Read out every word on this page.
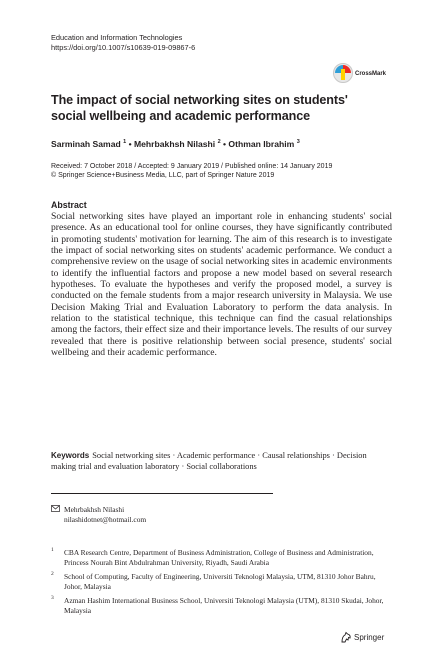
Education and Information Technologies
https://doi.org/10.1007/s10639-019-09867-6
CrossMark
The impact of social networking sites on students' social wellbeing and academic performance
Sarminah Samad $^1$ • Mehrbakhsh Nilashi $^2$ • Othman Ibrahim $^3$
Received: 7 October 2018 / Accepted: 9 January 2019 / Published online: 14 January 2019
© Springer Science+Business Media, LLC, part of Springer Nature 2019
Abstract
Social networking sites have played an important role in enhancing students' social presence. As an educational tool for online courses, they have significantly contributed in promoting students' motivation for learning. The aim of this research is to investigate the impact of social networking sites on students' academic performance. We conduct a comprehensive review on the usage of social networking sites in academic environments to identify the influential factors and propose a new model based on several research hypotheses. To evaluate the hypotheses and verify the proposed model, a survey is conducted on the female students from a major research university in Malaysia. We use Decision Making Trial and Evaluation Laboratory to perform the data analysis. In relation to the statistical technique, this technique can find the casual relationships among the factors, their effect size and their importance levels. The results of our survey revealed that there is positive relationship between social presence, students' social wellbeing and their academic performance.
Keywords Social networking sites · Academic performance · Causal relationships · Decision making trial and evaluation laboratory · Social collaborations
Mehrbakhsh Nilashi
nilashidotnet@hotmail.com
1 CBA Research Centre, Department of Business Administration, College of Business and Administration, Princess Nourah Bint Abdulrahman University, Riyadh, Saudi Arabia
2 School of Computing, Faculty of Engineering, Universiti Teknologi Malaysia, UTM, 81310 Johor Bahru, Johor, Malaysia
3 Azman Hashim International Business School, Universiti Teknologi Malaysia (UTM), 81310 Skudai, Johor, Malaysia
Springer
